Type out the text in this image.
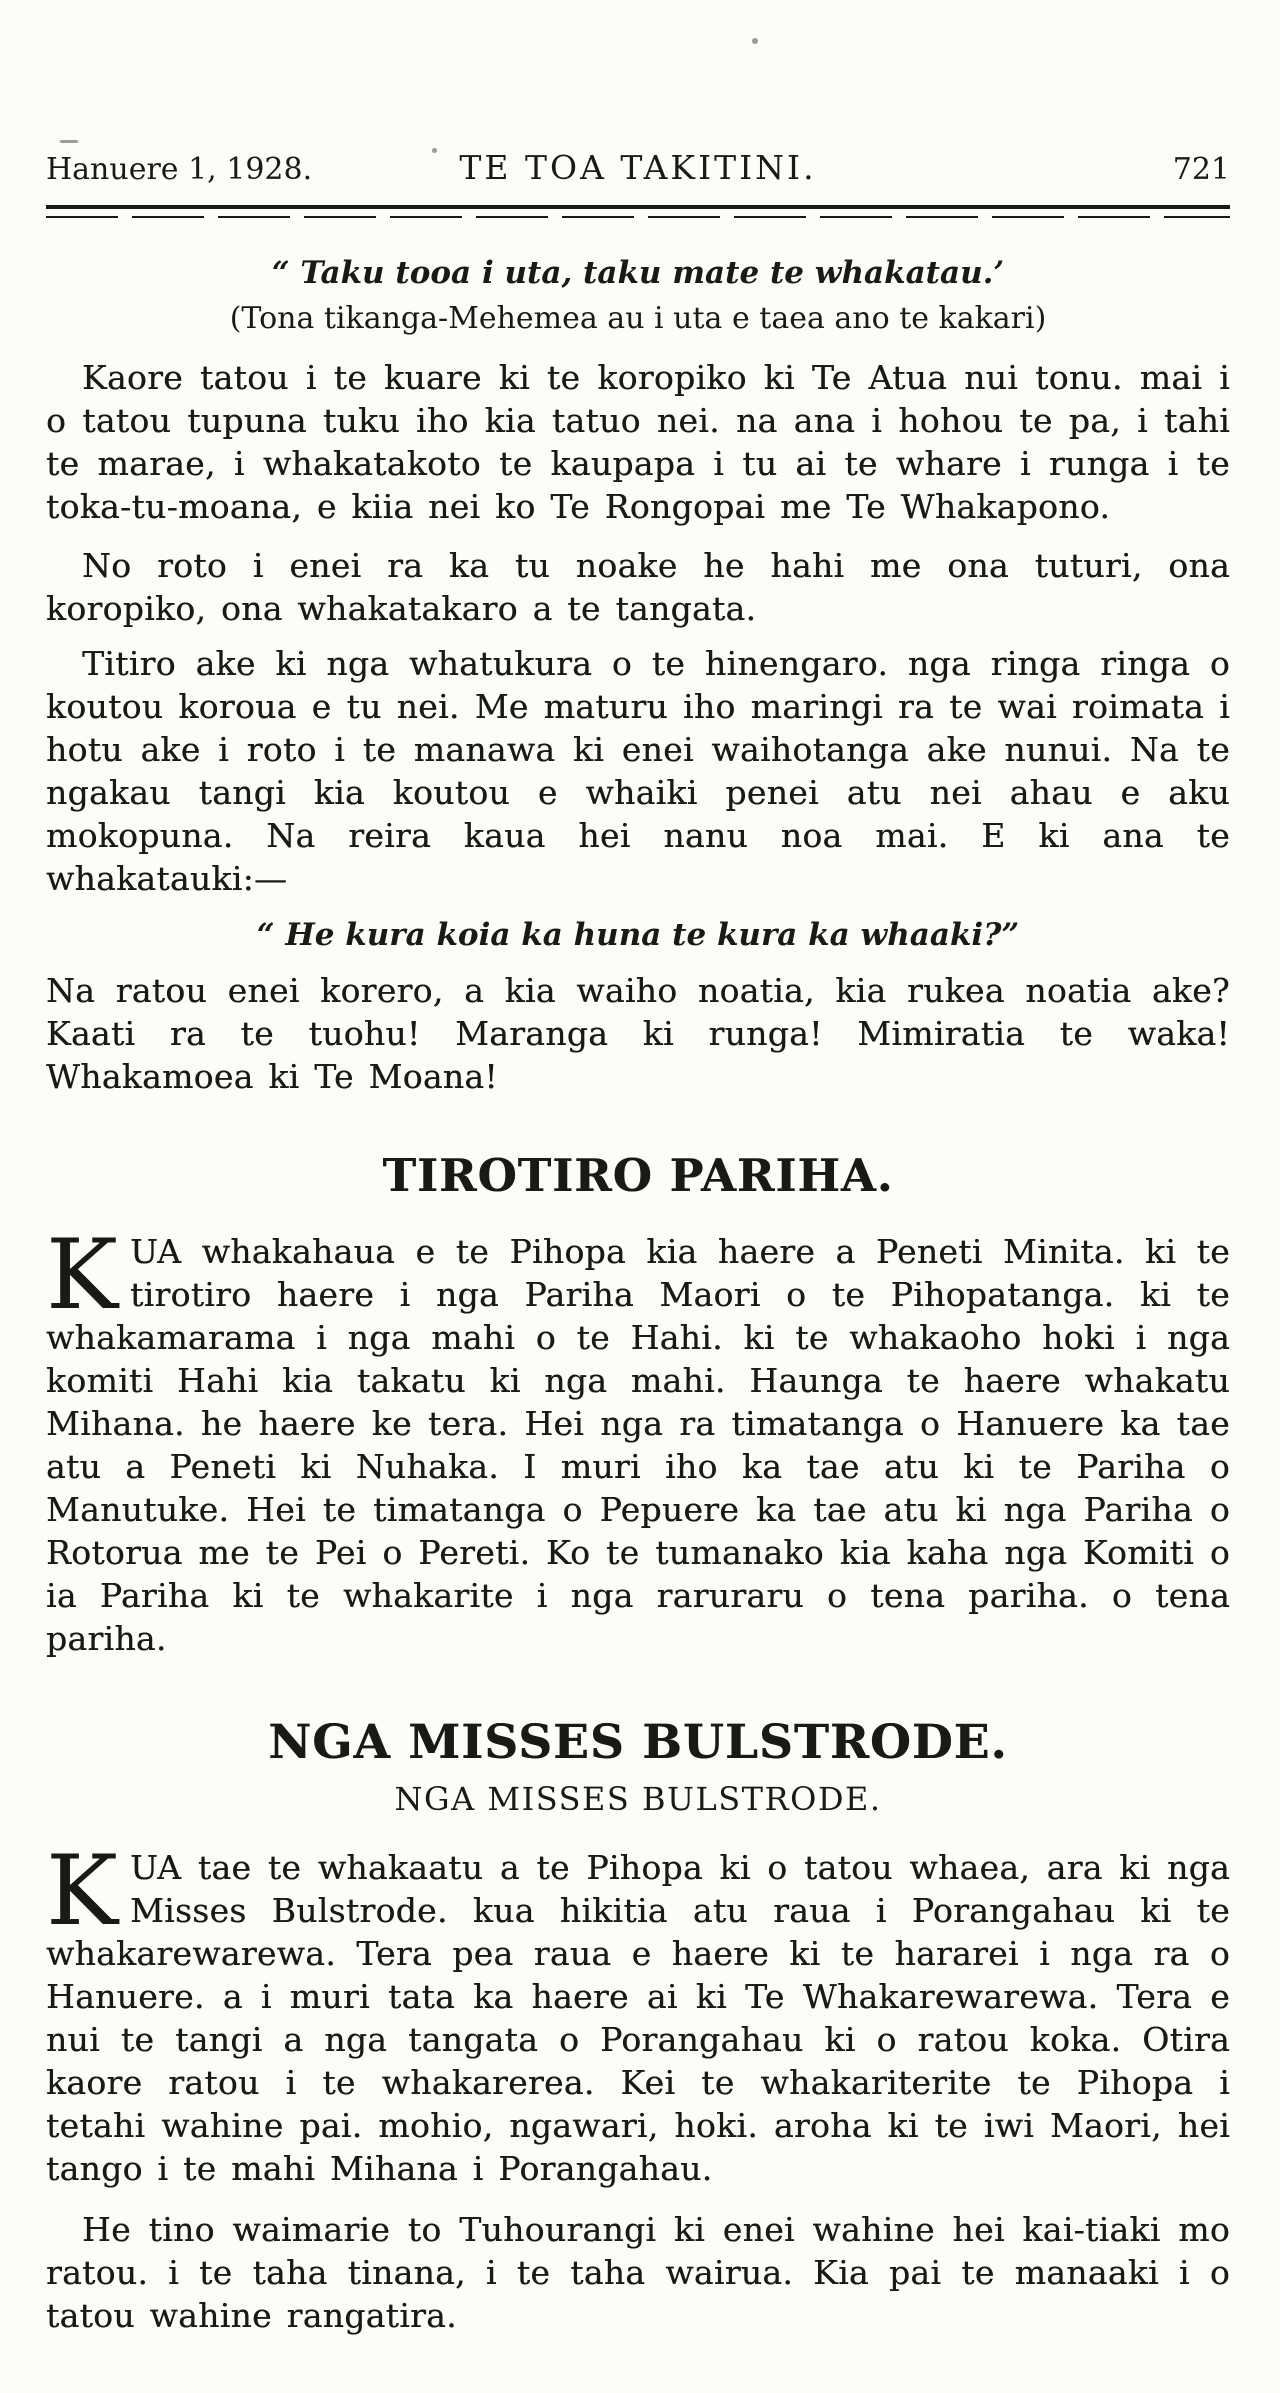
Hanuere 1, 1928.	TE TOA TAKITINI.	721

“ Taku tooa i uta, taku mate te whakatau.’

(Tona tikanga-Mehemea au i uta e taea ano te kakari)

Kaore tatou i te kuare ki te koropiko ki Te Atua nui tonu. mai i o tatou tupuna tuku iho kia tatuo nei. na ana i hohou te pa, i tahi te marae, i whakatakoto te kaupapa i tu ai te whare i runga i te toka-tu-moana, e kiia nei ko Te Rongopai me Te Whakapono.

No roto i enei ra ka tu noake he hahi me ona tuturi, ona koropiko, ona whakatakaro a te tangata.

Titiro ake ki nga whatukura o te hinengaro. nga ringa ringa o koutou koroua e tu nei. Me maturu iho maringi ra te wai roimata i hotu ake i roto i te manawa ki enei waihotanga ake nunui. Na te ngakau tangi kia koutou e whaiki penei atu nei ahau e aku mokopuna. Na reira kaua hei nanu noa mai. E ki ana te whakatauki:—

“ He kura koia ka huna te kura ka whaaki?”

Na ratou enei korero, a kia waiho noatia, kia rukea noatia ake? Kaati ra te tuohu! Maranga ki runga! Mimiratia te waka! Whakamoea ki Te Moana!

TIROTIRO PARIHA.

KUA whakahaua e te Pihopa kia haere a Peneti Minita. ki te tirotiro haere i nga Pariha Maori o te Pihopatanga. ki te whakamarama i nga mahi o te Hahi. ki te whakaoho hoki i nga komiti Hahi kia takatu ki nga mahi. Haunga te haere whakatu Mihana. he haere ke tera. Hei nga ra timatanga o Hanuere ka tae atu a Peneti ki Nuhaka. I muri iho ka tae atu ki te Pariha o Manutuke. Hei te timatanga o Pepuere ka tae atu ki nga Pariha o Rotorua me te Pei o Pereti. Ko te tumanako kia kaha nga Komiti o ia Pariha ki te whakarite i nga raruraru o tena pariha. o tena pariha.

NGA MISSES BULSTRODE.
NGA MISSES BULSTRODE.

KUA tae te whakaatu a te Pihopa ki o tatou whaea, ara ki nga Misses Bulstrode. kua hikitia atu raua i Porangahau ki te whakarewarewa. Tera pea raua e haere ki te hararei i nga ra o Hanuere. a i muri tata ka haere ai ki Te Whakarewarewa. Tera e nui te tangi a nga tangata o Porangahau ki o ratou koka. Otira kaore ratou i te whakarerea. Kei te whakariterite te Pihopa i tetahi wahine pai. mohio, ngawari, hoki. aroha ki te iwi Maori, hei tango i te mahi Mihana i Porangahau.

He tino waimarie to Tuhourangi ki enei wahine hei kai-tiaki mo ratou. i te taha tinana, i te taha wairua. Kia pai te manaaki i o tatou wahine rangatira.
